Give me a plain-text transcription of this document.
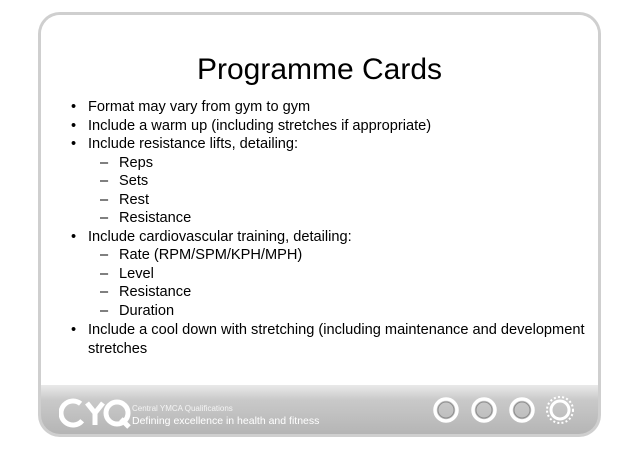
Programme Cards
• Format may vary from gym to gym
• Include a warm up (including stretches if appropriate)
• Include resistance lifts, detailing:
– Reps
– Sets
– Rest
– Resistance
• Include cardiovascular training, detailing:
– Rate (RPM/SPM/KPH/MPH)
– Level
– Resistance
– Duration
• Include a cool down with stretching (including maintenance and development stretches
Central YMCA Qualifications
Defining excellence in health and fitness
